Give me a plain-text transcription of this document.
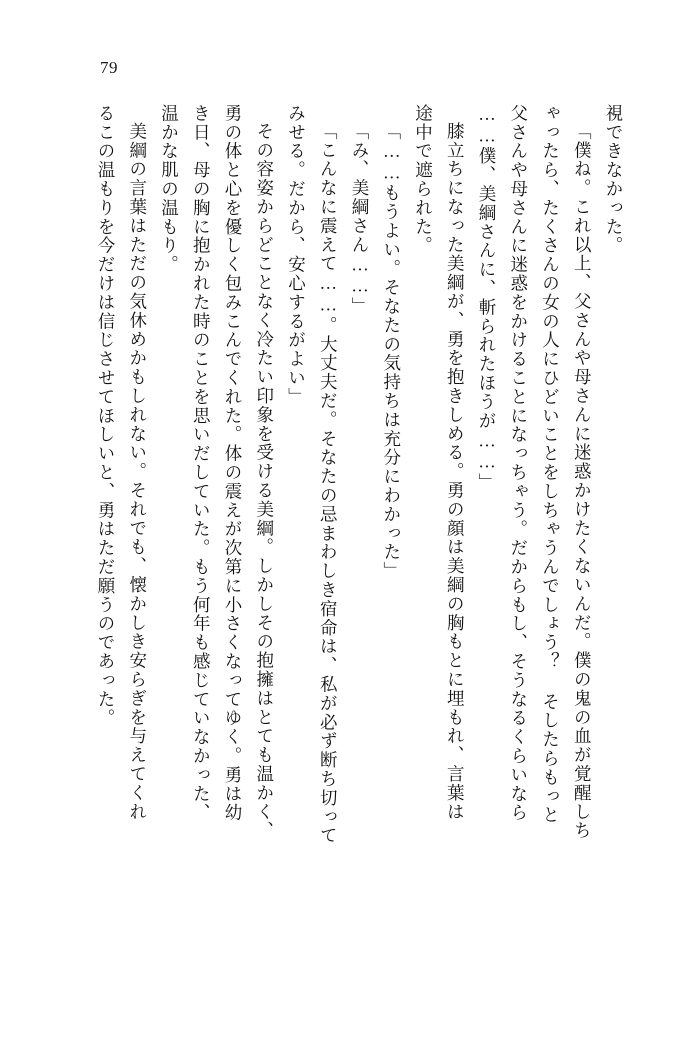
79
視できなかった。
「僕ね。これ以上、父さんや母さんに迷惑かけたくないんだ。僕の鬼の血が覚醒しち
ゃったら、たくさんの女の人にひどいことをしちゃうんでしょう？ そしたらもっと
父さんや母さんに迷惑をかけることになっちゃう。だからもし、そうなるくらいなら
……僕、美綱さんに、斬られたほうが……」
膝立ちになった美綱が、勇を抱きしめる。勇の顔は美綱の胸もとに埋もれ、言葉は
途中で遮られた。
「……もうよい。そなたの気持ちは充分にわかった」
「み、美綱さん……」
「こんなに震えて……。大丈夫だ。そなたの忌まわしき宿命は、私が必ず断ち切って
みせる。だから、安心するがよい」
その容姿からどことなく冷たい印象を受ける美綱。しかしその抱擁はとても温かく、
勇の体と心を優しく包みこんでくれた。体の震えが次第に小さくなってゆく。勇は幼
き日、母の胸に抱かれた時のことを思いだしていた。もう何年も感じていなかった、
温かな肌の温もり。
美綱の言葉はただの気休めかもしれない。それでも、懐かしき安らぎを与えてくれ
るこの温もりを今だけは信じさせてほしいと、勇はただ願うのであった。
